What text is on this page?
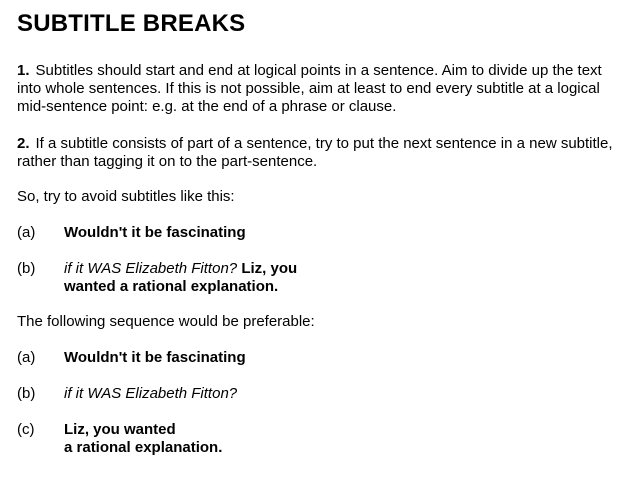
SUBTITLE BREAKS

1. Subtitles should start and end at logical points in a sentence. Aim to divide up the text into whole sentences. If this is not possible, aim at least to end every subtitle at a logical mid-sentence point: e.g. at the end of a phrase or clause.

2. If a subtitle consists of part of a sentence, try to put the next sentence in a new subtitle, rather than tagging it on to the part-sentence.

So, try to avoid subtitles like this:

(a)	Wouldn't it be fascinating
(b)	if it WAS Elizabeth Fitton? Liz, you
wanted a rational explanation.

The following sequence would be preferable:

(a)	Wouldn't it be fascinating
(b)	if it WAS Elizabeth Fitton?
(c)	Liz, you wanted
a rational explanation.
